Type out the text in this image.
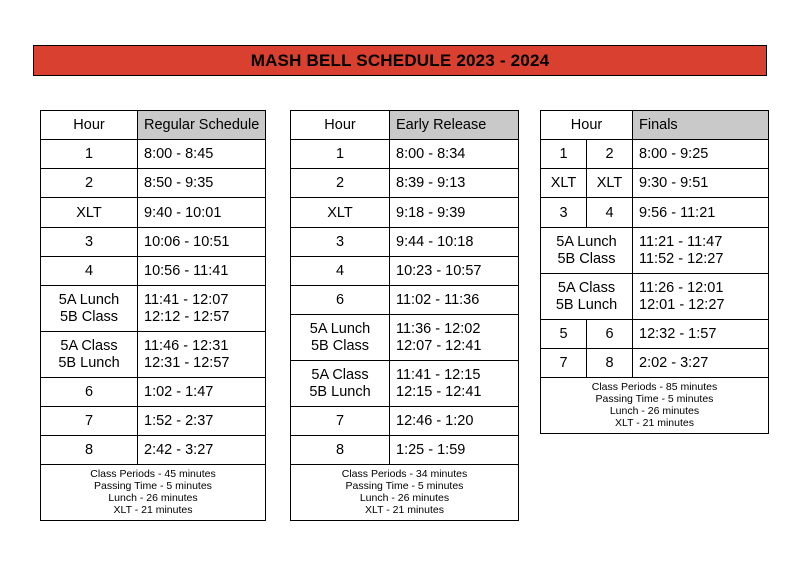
MASH BELL SCHEDULE 2023 - 2024
Hour	Regular Schedule
1	8:00 - 8:45
2	8:50 - 9:35
XLT	9:40 - 10:01
3	10:06 - 10:51
4	10:56 - 11:41

5A Lunch
5B Class	11:41 - 12:07
12:12 - 12:57

5A Class
5B Lunch	11:46 - 12:31
12:31 - 12:57

6	1:02 - 1:47
7	1:52 - 2:37
8	2:42 - 3:27

Class Periods - 45 minutes
Passing Time - 5 minutes
Lunch - 26 minutes
XLT - 21 minutes	
Hour	Early Release
1	8:00 - 8:34
2	8:39 - 9:13
XLT	9:18 - 9:39
3	9:44 - 10:18
4	10:23 - 10:57
6	11:02 - 11:36

5A Lunch
5B Class	11:36 - 12:02
12:07 - 12:41

5A Class
5B Lunch	11:41 - 12:15
12:15 - 12:41

7	12:46 - 1:20
8	1:25 - 1:59

Class Periods - 34 minutes
Passing Time - 5 minutes
Lunch - 26 minutes
XLT - 21 minutes	
Hour		Finals
1	2	8:00 - 9:25
XLT	XLT	9:30 - 9:51
3	4	9:56 - 11:21

5A Lunch
5B Class		11:21 - 11:47
11:52 - 12:27

5A Class
5B Lunch		11:26 - 12:01
12:01 - 12:27

5	6	12:32 - 1:57
7	8	2:02 - 3:27

Class Periods - 85 minutes
Passing Time - 5 minutes
Lunch - 26 minutes
XLT - 21 minutes		
